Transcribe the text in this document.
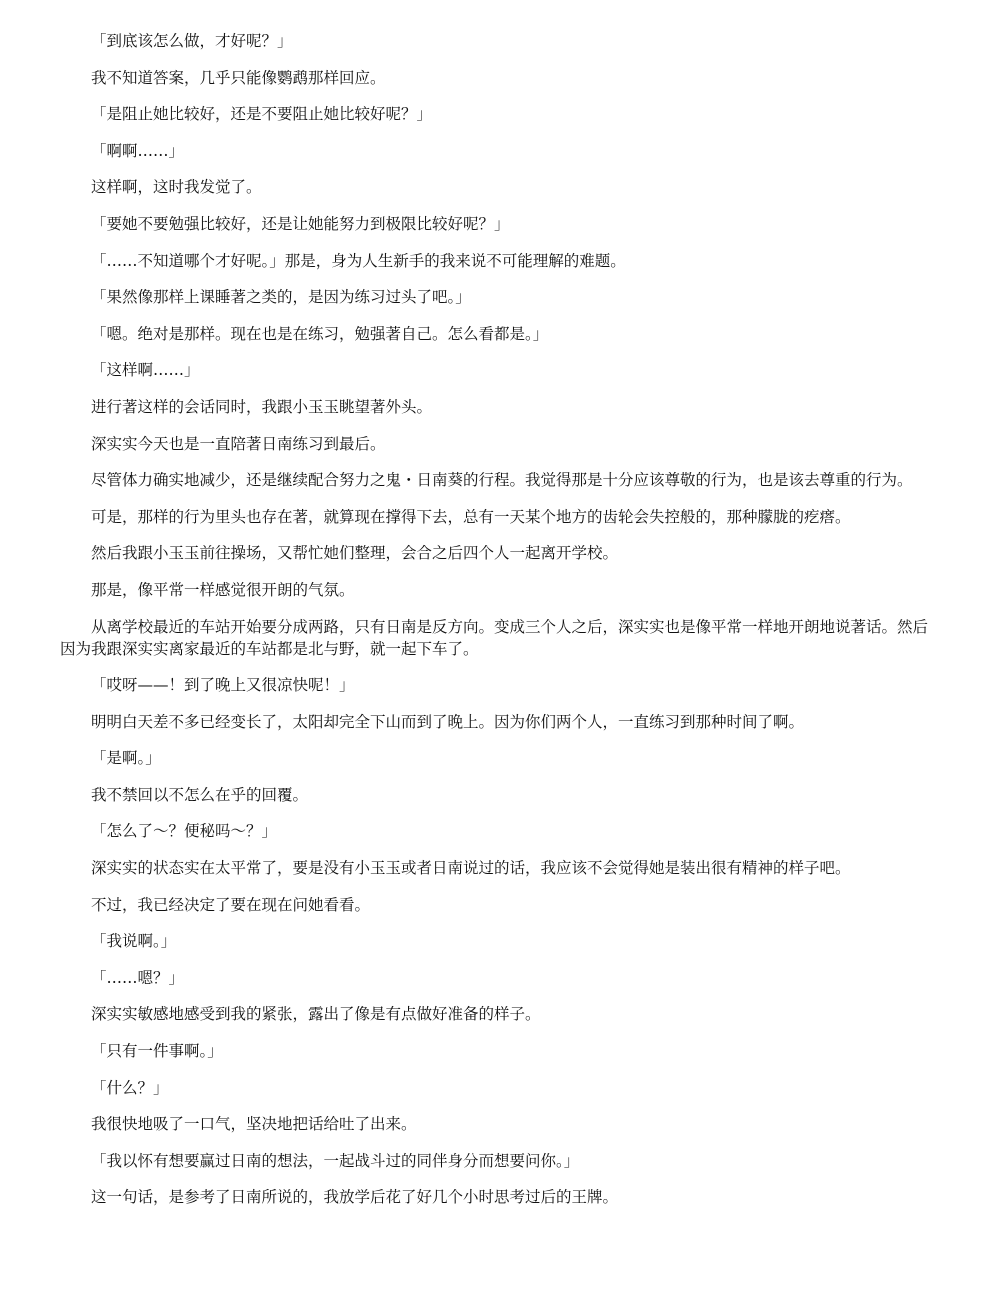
「到底该怎么做，才好呢？」

我不知道答案，几乎只能像鹦鹉那样回应。

「是阻止她比较好，还是不要阻止她比较好呢？」

「啊啊……」

这样啊，这时我发觉了。

「要她不要勉强比较好，还是让她能努力到极限比较好呢？」

「……不知道哪个才好呢。」那是，身为人生新手的我来说不可能理解的难题。

「果然像那样上课睡著之类的，是因为练习过头了吧。」

「嗯。绝对是那样。现在也是在练习，勉强著自己。怎么看都是。」

「这样啊……」

进行著这样的会话同时，我跟小玉玉眺望著外头。

深实实今天也是一直陪著日南练习到最后。

尽管体力确实地减少，还是继续配合努力之鬼・日南葵的行程。我觉得那是十分应该尊敬的行为，也是该去尊重的行为。

可是，那样的行为里头也存在著，就算现在撑得下去，总有一天某个地方的齿轮会失控般的，那种朦胧的疙瘩。

然后我跟小玉玉前往操场，又帮忙她们整理，会合之后四个人一起离开学校。

那是，像平常一样感觉很开朗的气氛。

从离学校最近的车站开始要分成两路，只有日南是反方向。变成三个人之后，深实实也是像平常一样地开朗地说著话。然后因为我跟深实实离家最近的车站都是北与野，就一起下车了。

「哎呀——！到了晚上又很凉快呢！」

明明白天差不多已经变长了，太阳却完全下山而到了晚上。因为你们两个人，一直练习到那种时间了啊。

「是啊。」

我不禁回以不怎么在乎的回覆。

「怎么了～？便秘吗～？」

深实实的状态实在太平常了，要是没有小玉玉或者日南说过的话，我应该不会觉得她是装出很有精神的样子吧。

不过，我已经决定了要在现在问她看看。

「我说啊。」

「……嗯？」

深实实敏感地感受到我的紧张，露出了像是有点做好准备的样子。

「只有一件事啊。」

「什么？」

我很快地吸了一口气，坚决地把话给吐了出来。

「我以怀有想要赢过日南的想法，一起战斗过的同伴身分而想要问你。」

这一句话，是参考了日南所说的，我放学后花了好几个小时思考过后的王牌。
